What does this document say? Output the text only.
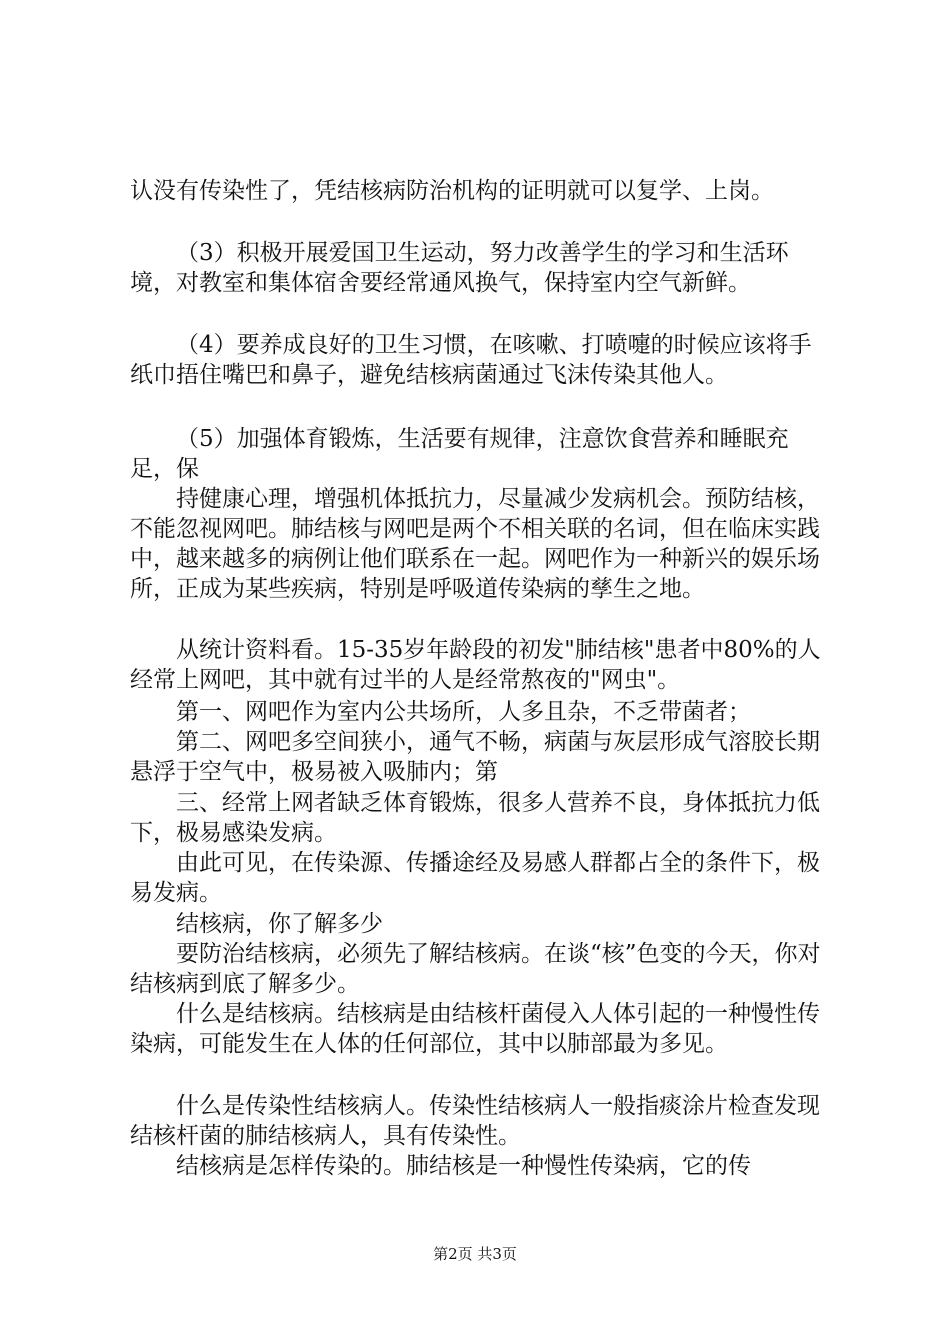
认没有传染性了，凭结核病防治机构的证明就可以复学、上岗。

（3）积极开展爱国卫生运动，努力改善学生的学习和生活环境，对教室和集体宿舍要经常通风换气，保持室内空气新鲜。

（4）要养成良好的卫生习惯，在咳嗽、打喷嚏的时候应该将手纸巾捂住嘴巴和鼻子，避免结核病菌通过飞沫传染其他人。

（5）加强体育锻炼，生活要有规律，注意饮食营养和睡眠充足，保

持健康心理，增强机体抵抗力，尽量减少发病机会。预防结核，不能忽视网吧。肺结核与网吧是两个不相关联的名词，但在临床实践中，越来越多的病例让他们联系在一起。网吧作为一种新兴的娱乐场所，正成为某些疾病，特别是呼吸道传染病的孳生之地。

从统计资料看。15-35岁年龄段的初发"肺结核"患者中80%的人经常上网吧，其中就有过半的人是经常熬夜的"网虫"。

第一、网吧作为室内公共场所，人多且杂，不乏带菌者；

第二、网吧多空间狭小，通气不畅，病菌与灰层形成气溶胶长期悬浮于空气中，极易被入吸肺内；第

三、经常上网者缺乏体育锻炼，很多人营养不良，身体抵抗力低下，极易感染发病。

由此可见，在传染源、传播途经及易感人群都占全的条件下，极易发病。

结核病，你了解多少

要防治结核病，必须先了解结核病。在谈“核”色变的今天，你对结核病到底了解多少。

什么是结核病。结核病是由结核杆菌侵入人体引起的一种慢性传染病，可能发生在人体的任何部位，其中以肺部最为多见。

什么是传染性结核病人。传染性结核病人一般指痰涂片检查发现结核杆菌的肺结核病人，具有传染性。

结核病是怎样传染的。肺结核是一种慢性传染病，它的传

第2页 共3页
